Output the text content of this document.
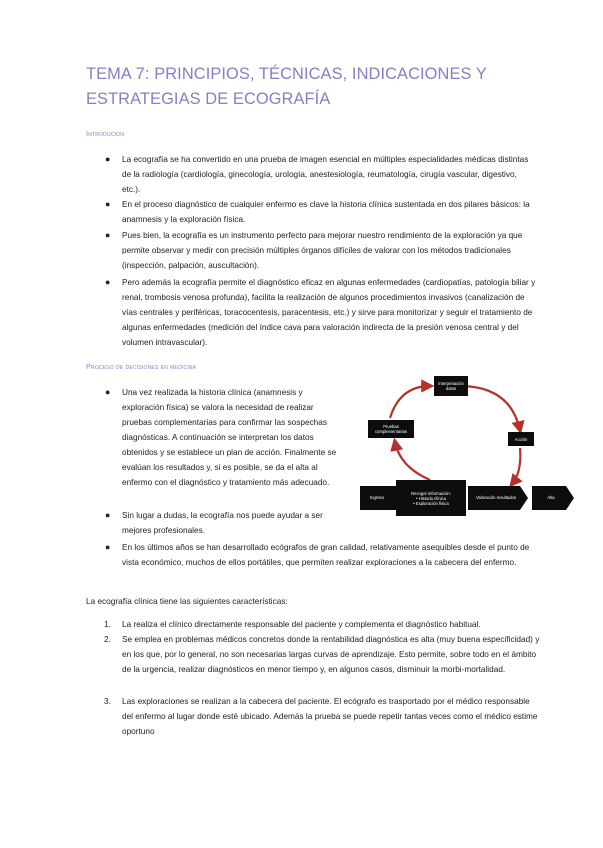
TEMA 7: PRINCIPIOS, TÉCNICAS, INDICACIONES Y ESTRATEGIAS DE ECOGRAFÍA
Introducion
● La ecografía se ha convertido en una prueba de imagen esencial en múltiples especialidades médicas distintas de la radiología (cardiología, ginecología, urología, anestesiología, reumatología, cirugía vascular, digestivo, etc.).
● En el proceso diagnóstico de cualquier enfermo es clave la historia clínica sustentada en dos pilares básicos: la anamnesis y la exploración física.
● Pues bien, la ecografía es un instrumento perfecto para mejorar nuestro rendimiento de la exploración ya que permite observar y medir con precisión múltiples órganos difíciles de valorar con los métodos tradicionales (inspección, palpación, auscultación).
● Pero además la ecografía permite el diagnóstico eficaz en algunas enfermedades (cardiopatías, patología biliar y renal, trombosis venosa profunda), facilita la realización de algunos procedimientos invasivos (canalización de vías centrales y periféricas, toracocentesis, paracentesis, etc.) y sirve para monitorizar y seguir el tratamiento de algunas enfermedades (medición del índice cava para valoración indirecta de la presión venosa central y del volumen intravascular).
Proceso de decisiones en medicina
● Una vez realizada la historia clínica (anamnesis y exploración física) se valora la necesidad de realizar pruebas complementarias para confirmar las sospechas diagnósticas. A continuación se interpretan los datos obtenidos y se establece un plan de acción. Finalmente se evalúan los resultados y, si es posible, se da el alta al enfermo con el diagnóstico y tratamiento más adecuado.
● Sin lugar a dudas, la ecografía nos puede ayudar a ser mejores profesionales.
● En los últimos años se han desarrollado ecógrafos de gran calidad, relativamente asequibles desde el punto de vista económico, muchos de ellos portátiles, que permiten realizar exploraciones a la cabecera del enfermo.
Interpretación datos
Pruebas complementarias
Acción
Recoger información:
• Historia clínica
• Exploración física
Ingreso	Valoración resultados	Alta
La ecografía clínica tiene las siguientes características:
1. La realiza el clínico directamente responsable del paciente y complementa el diagnóstico habitual.
2. Se emplea en problemas médicos concretos donde la rentabilidad diagnóstica es alta (muy buena especificidad) y en los que, por lo general, no son necesarias largas curvas de aprendizaje. Esto permite, sobre todo en el ámbito de la urgencia, realizar diagnósticos en menor tiempo y, en algunos casos, disminuir la morbi-mortalidad.
3. Las exploraciones se realizan a la cabecera del paciente. El ecógrafo es trasportado por el médico responsable del enfermo al lugar donde esté ubicado. Además la prueba se puede repetir tantas veces como el médico estime oportuno
